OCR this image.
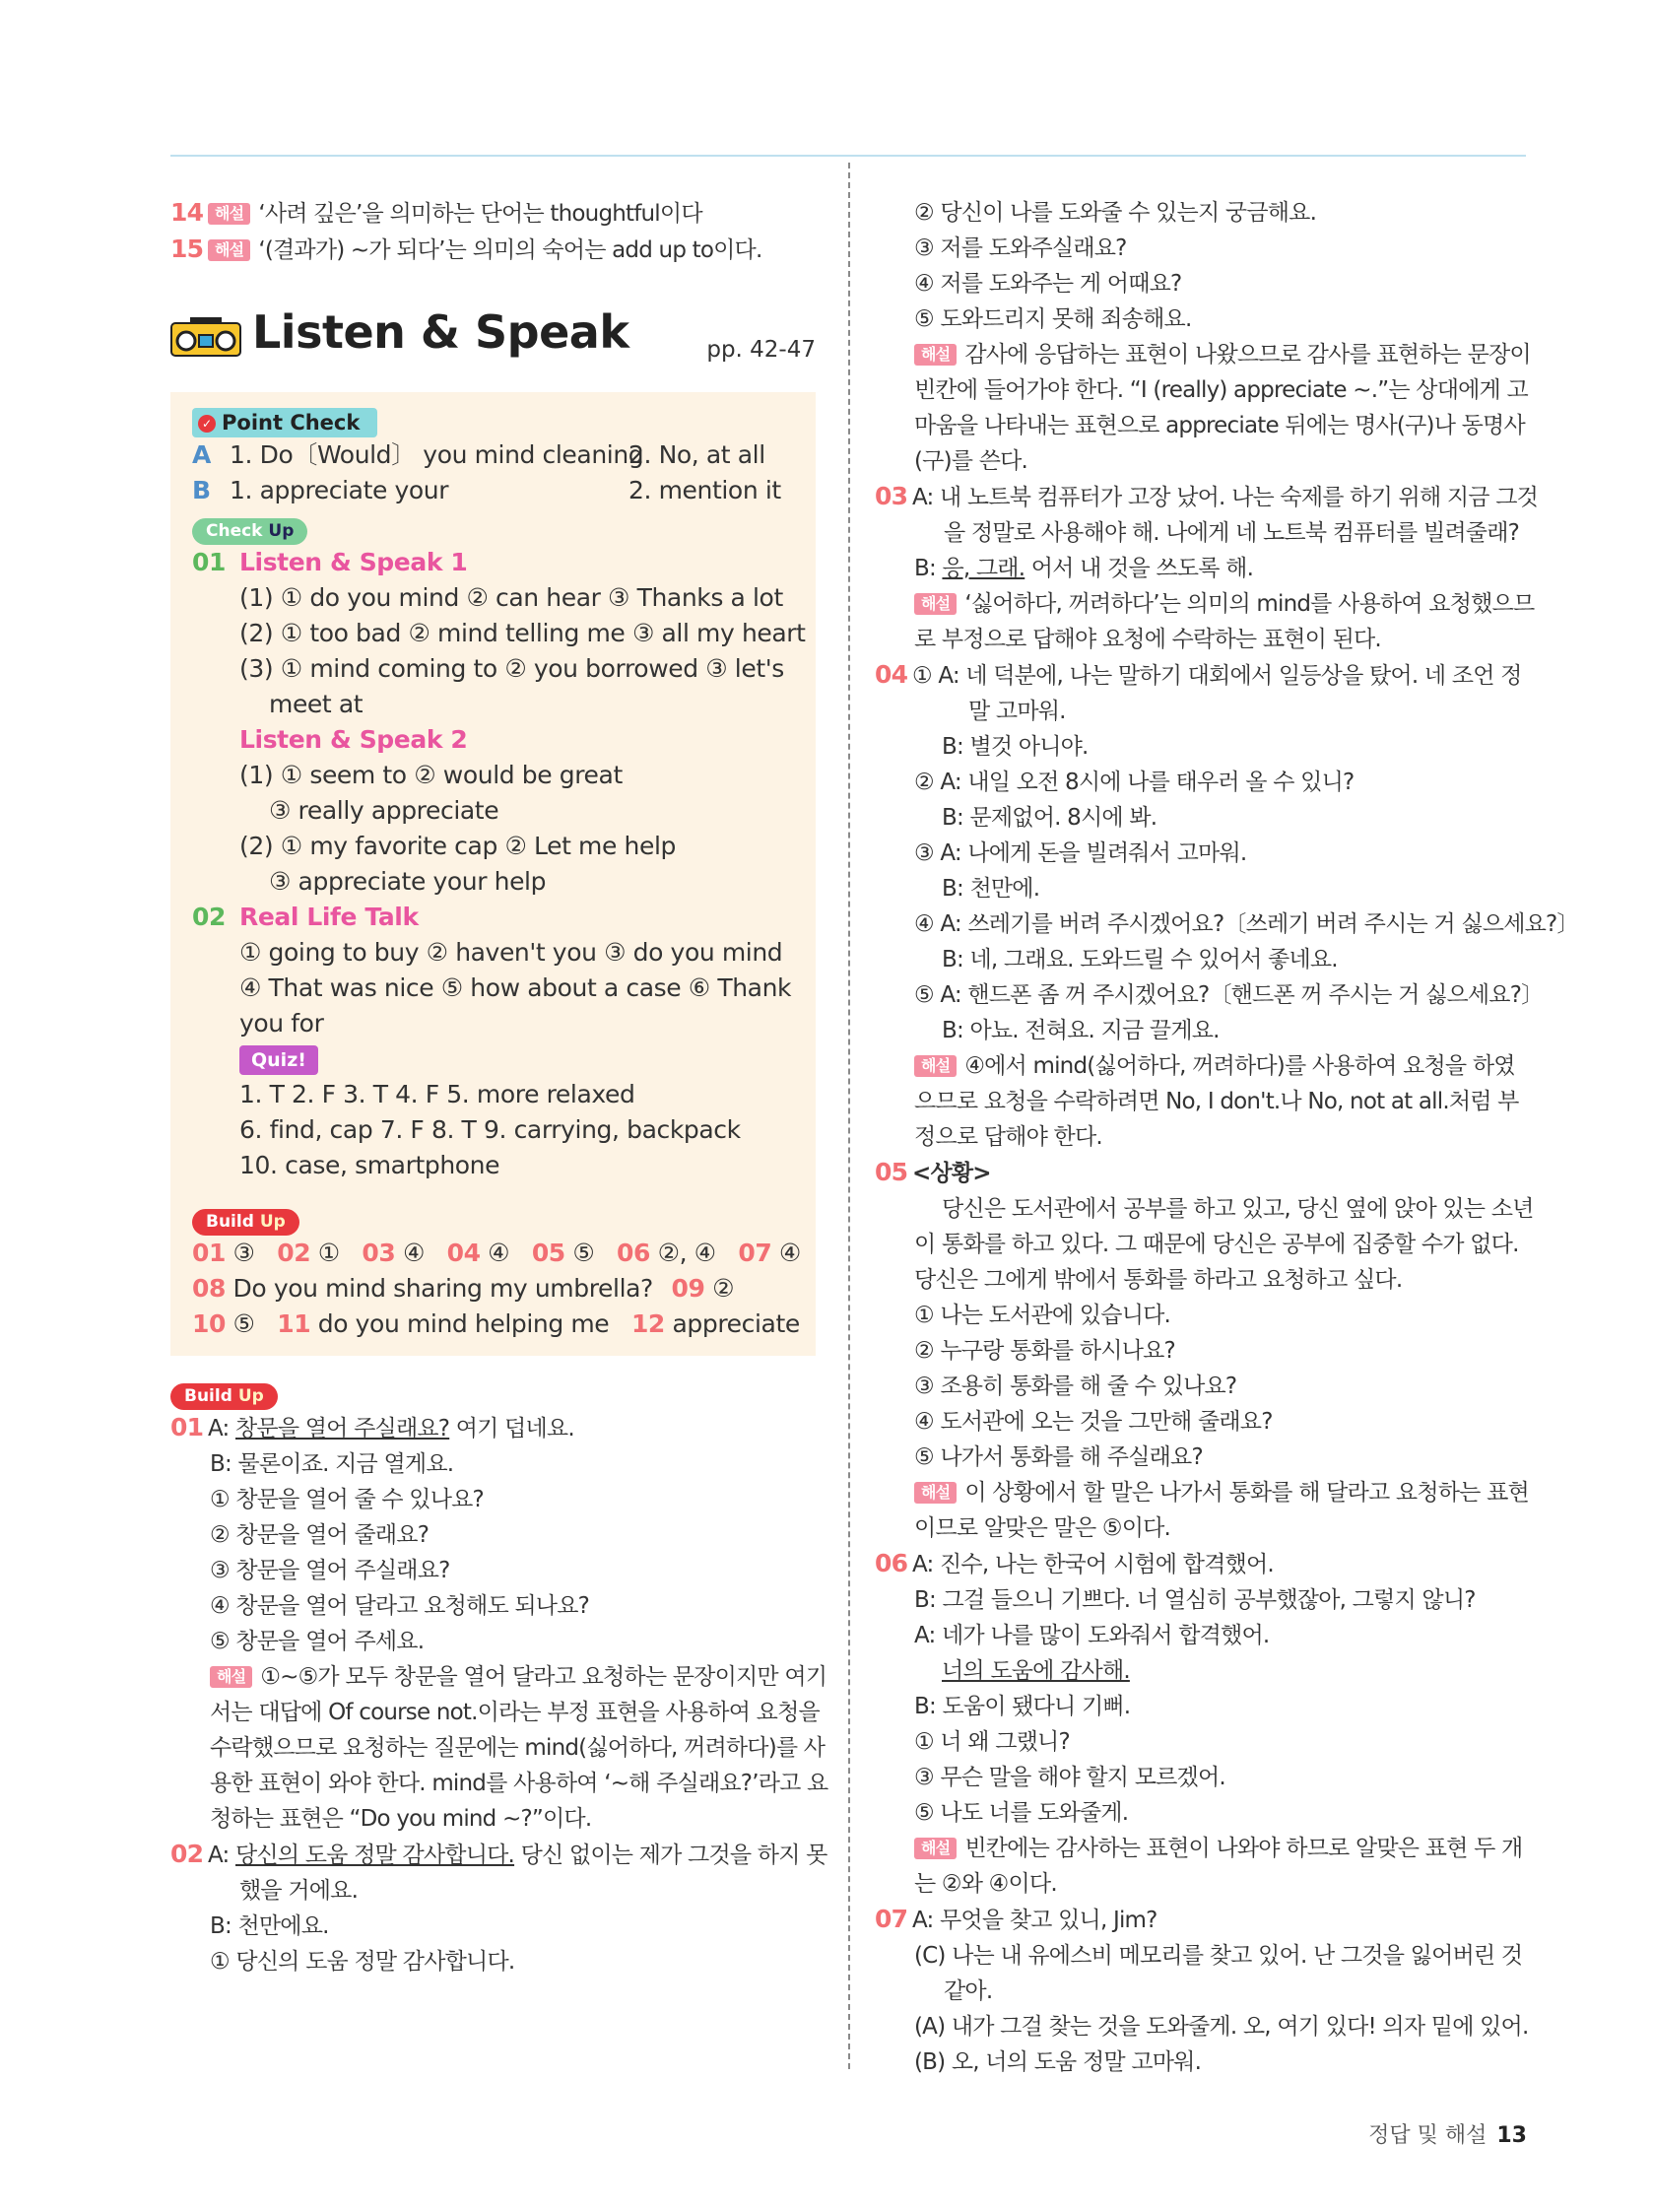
14 해설 ‘사려 깊은’을 의미하는 단어는 thoughtful이다
15 해설 ‘(결과가) ~가 되다’는 의미의 숙어는 add up to이다.
Listen & Speak	pp. 42-47
✓ Point Check
A 1. Do〔Would〕 you mind cleaning2. No, at all
B 1. appreciate your	2. mention it
Check Up
01 Listen & Speak 1
(1) ① do you mind ② can hear ③ Thanks a lot
(2) ① too bad ② mind telling me ③ all my heart
(3) ① mind coming to ② you borrowed ③ let's
meet at
Listen & Speak 2
(1) ① seem to ② would be great
③ really appreciate
(2) ① my favorite cap ② Let me help
③ appreciate your help
02 Real Life Talk
① going to buy ② haven't you ③ do you mind
④ That was nice ⑤ how about a case ⑥ Thank
you for
Quiz!
1. T 2. F 3. T 4. F 5. more relaxed
6. find, cap 7. F 8. T 9. carrying, backpack
10. case, smartphone
Build Up
01 ③ 02 ① 03 ④ 04 ④ 05 ⑤ 06 ②, ④ 07 ④
08 Do you mind sharing my umbrella? 09 ②
10 ⑤ 11 do you mind helping me 12 appreciate
Build Up
01 A: 창문을 열어 주실래요? 여기 덥네요.
B: 물론이죠. 지금 열게요.
① 창문을 열어 줄 수 있나요?
② 창문을 열어 줄래요?
③ 창문을 열어 주실래요?
④ 창문을 열어 달라고 요청해도 되나요?
⑤ 창문을 열어 주세요.
해설 ①~⑤가 모두 창문을 열어 달라고 요청하는 문장이지만 여기
서는 대답에 Of course not.이라는 부정 표현을 사용하여 요청을
수락했으므로 요청하는 질문에는 mind(싫어하다, 꺼려하다)를 사
용한 표현이 와야 한다. mind를 사용하여 ‘~해 주실래요?’라고 요
청하는 표현은 “Do you mind ~?”이다.
02 A: 당신의 도움 정말 감사합니다. 당신 없이는 제가 그것을 하지 못
했을 거에요.
B: 천만에요.
① 당신의 도움 정말 감사합니다.
② 당신이 나를 도와줄 수 있는지 궁금해요.
③ 저를 도와주실래요?
④ 저를 도와주는 게 어때요?
⑤ 도와드리지 못해 죄송해요.
해설 감사에 응답하는 표현이 나왔으므로 감사를 표현하는 문장이
빈칸에 들어가야 한다. “I (really) appreciate ~.”는 상대에게 고
마움을 나타내는 표현으로 appreciate 뒤에는 명사(구)나 동명사
(구)를 쓴다.
03 A: 내 노트북 컴퓨터가 고장 났어. 나는 숙제를 하기 위해 지금 그것
을 정말로 사용해야 해. 나에게 네 노트북 컴퓨터를 빌려줄래?
B: 응, 그래. 어서 내 것을 쓰도록 해.
해설 ‘싫어하다, 꺼려하다’는 의미의 mind를 사용하여 요청했으므
로 부정으로 답해야 요청에 수락하는 표현이 된다.
04 ① A: 네 덕분에, 나는 말하기 대회에서 일등상을 탔어. 네 조언 정
말 고마워.
B: 별것 아니야.
② A: 내일 오전 8시에 나를 태우러 올 수 있니?
B: 문제없어. 8시에 봐.
③ A: 나에게 돈을 빌려줘서 고마워.
B: 천만에.
④ A: 쓰레기를 버려 주시겠어요?〔쓰레기 버려 주시는 거 싫으세요?〕
B: 네, 그래요. 도와드릴 수 있어서 좋네요.
⑤ A: 핸드폰 좀 꺼 주시겠어요?〔핸드폰 꺼 주시는 거 싫으세요?〕
B: 아뇨. 전혀요. 지금 끌게요.
해설 ④에서 mind(싫어하다, 꺼려하다)를 사용하여 요청을 하였
으므로 요청을 수락하려면 No, I don't.나 No, not at all.처럼 부
정으로 답해야 한다.
05 <상황>
당신은 도서관에서 공부를 하고 있고, 당신 옆에 앉아 있는 소년
이 통화를 하고 있다. 그 때문에 당신은 공부에 집중할 수가 없다.
당신은 그에게 밖에서 통화를 하라고 요청하고 싶다.
① 나는 도서관에 있습니다.
② 누구랑 통화를 하시나요?
③ 조용히 통화를 해 줄 수 있나요?
④ 도서관에 오는 것을 그만해 줄래요?
⑤ 나가서 통화를 해 주실래요?
해설 이 상황에서 할 말은 나가서 통화를 해 달라고 요청하는 표현
이므로 알맞은 말은 ⑤이다.
06 A: 진수, 나는 한국어 시험에 합격했어.
B: 그걸 들으니 기쁘다. 너 열심히 공부했잖아, 그렇지 않니?
A: 네가 나를 많이 도와줘서 합격했어.
너의 도움에 감사해.
B: 도움이 됐다니 기뻐.
① 너 왜 그랬니?
③ 무슨 말을 해야 할지 모르겠어.
⑤ 나도 너를 도와줄게.
해설 빈칸에는 감사하는 표현이 나와야 하므로 알맞은 표현 두 개
는 ②와 ④이다.
07 A: 무엇을 찾고 있니, Jim?
(C) 나는 내 유에스비 메모리를 찾고 있어. 난 그것을 잃어버린 것
같아.
(A) 내가 그걸 찾는 것을 도와줄게. 오, 여기 있다! 의자 밑에 있어.
(B) 오, 너의 도움 정말 고마워.
정답 및 해설 13
